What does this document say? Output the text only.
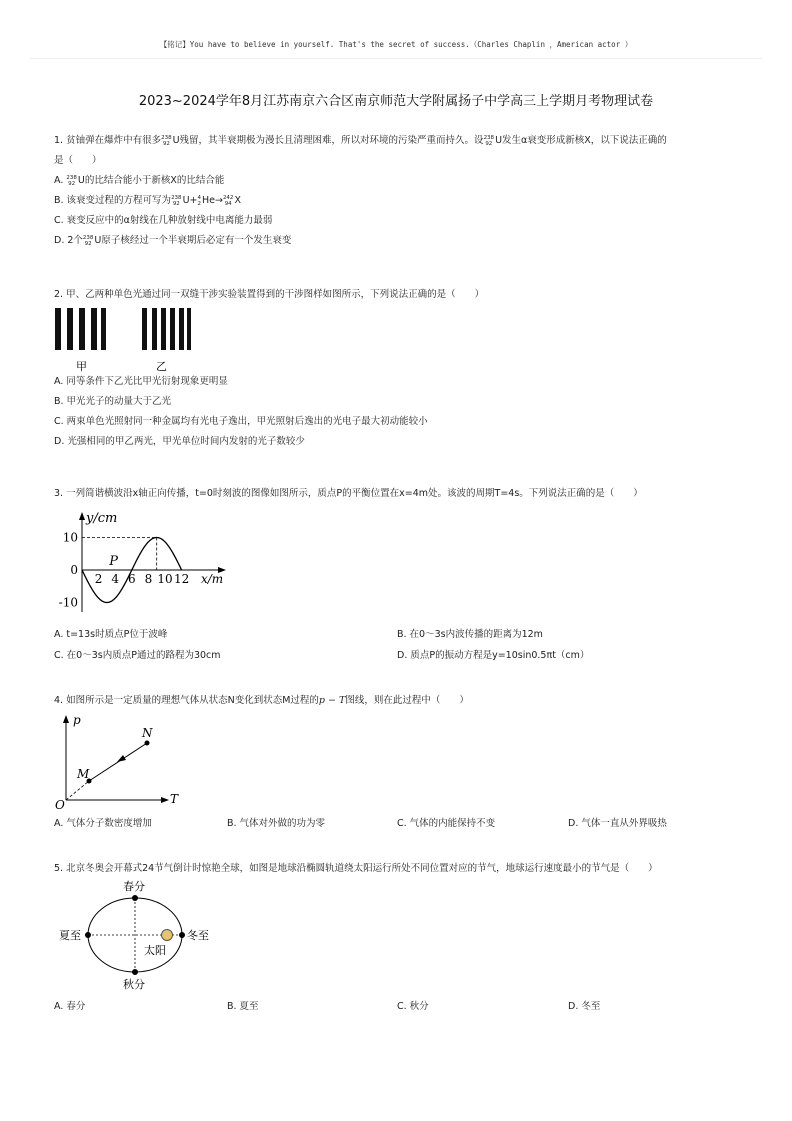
【铭记】You have to believe in yourself. That's the secret of success.（Charles Chaplin ，American actor ）
2023~2024学年8月江苏南京六合区南京师范大学附属扬子中学高三上学期月考物理试卷
1. 贫铀弹在爆炸中有很多 238
92 U残留，其半衰期极为漫长且清理困难，所以对环境的污染严重而持久。设 238
92 U发生α衰变形成新核X，以下说法正确的
是（　　）
A. 238
92 U的比结合能小于新核X的比结合能
B. 该衰变过程的方程可写为 238
92 U+ 4
2 He→ 242
94 X
C. 衰变反应中的α射线在几种放射线中电离能力最弱
D. 2个 238
92 U原子核经过一个半衰期后必定有一个发生衰变
2. 甲、乙两种单色光通过同一双缝干涉实验装置得到的干涉图样如图所示，下列说法正确的是（　　）
甲	乙
A. 同等条件下乙光比甲光衍射现象更明显
B. 甲光光子的动量大于乙光
C. 两束单色光照射同一种金属均有光电子逸出，甲光照射后逸出的光电子最大初动能较小
D. 光强相同的甲乙两光，甲光单位时间内发射的光子数较少
3. 一列简谐横波沿x轴正向传播，t=0时刻波的图像如图所示，质点P的平衡位置在x=4m处。该波的周期T=4s。下列说法正确的是（　　）
y/cm
x/m
10
0
-10
2 4 6 8 10 12
P
A. t=13s时质点P位于波峰	B. 在0～3s内波传播的距离为12m
C. 在0～3s内质点P通过的路程为30cm	D. 质点P的振动方程是y=10sin0.5πt（cm）
4. 如图所示是一定质量的理想气体从状态N变化到状态M过程的p − T图线，则在此过程中（　　）
p
T
O
N
M
A. 气体分子数密度增加	B. 气体对外做的功为零	C. 气体的内能保持不变	D. 气体一直从外界吸热
5. 北京冬奥会开幕式24节气倒计时惊艳全球，如图是地球沿椭圆轨道绕太阳运行所处不同位置对应的节气，地球运行速度最小的节气是（　　）
春分
秋分
夏至	冬至
太阳
A. 春分	B. 夏至	C. 秋分	D. 冬至
